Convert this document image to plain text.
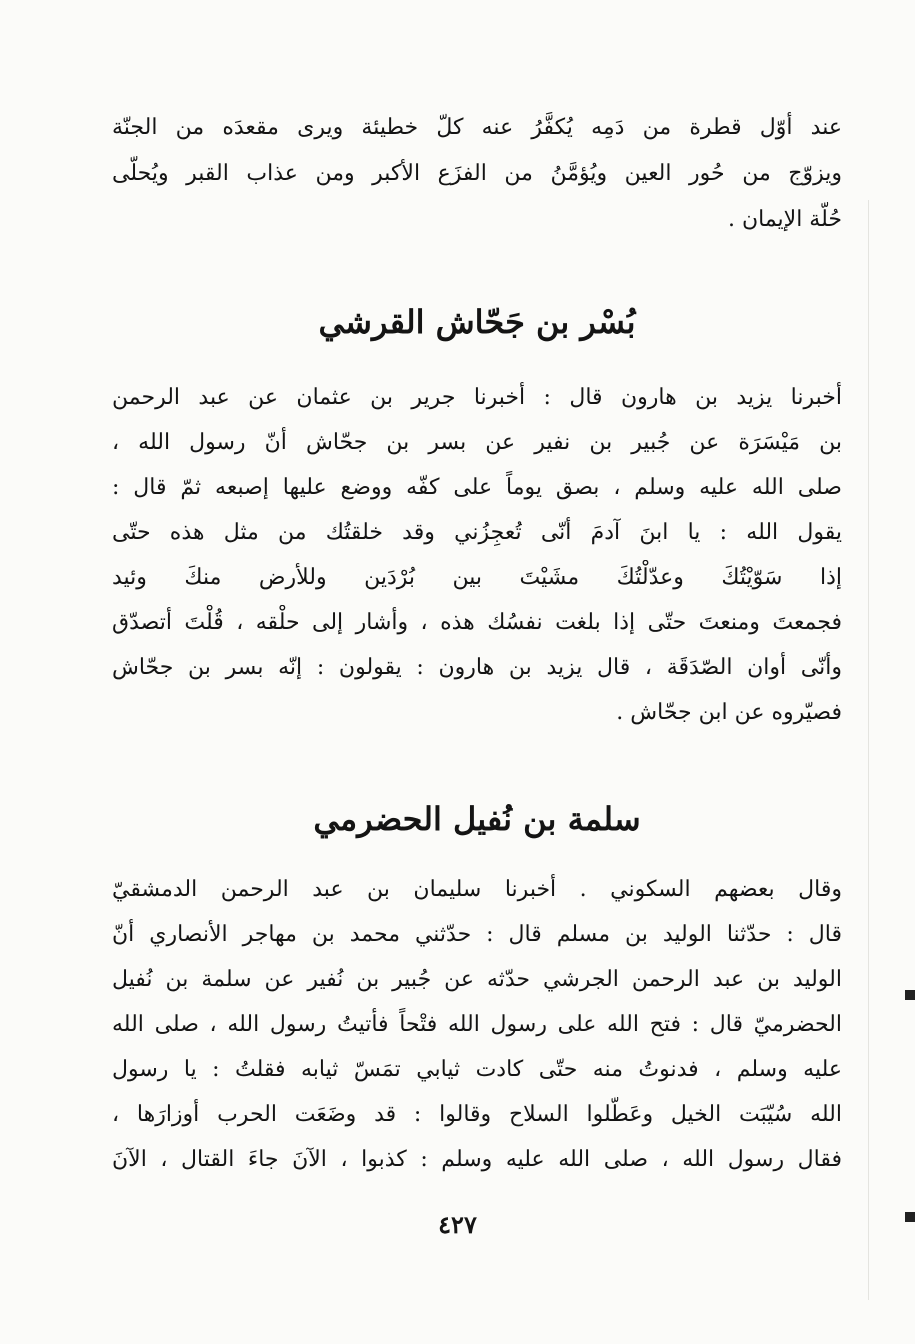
عند أوّل قطرة من دَمِه يُكفَّرُ عنه كلّ خطيئة ويرى مقعدَه من الجنّة
ويزوّج من حُور العين ويُؤمَّنُ من الفزَع الأكبر ومن عذاب القبر ويُحلّى
حُلّة الإيمان .
بُسْر بن جَحّاش القرشي
أخبرنا يزيد بن هارون قال : أخبرنا جرير بن عثمان عن عبد الرحمن
بن مَيْسَرَة عن جُبير بن نفير عن بسر بن جحّاش أنّ رسول الله ،
صلى الله عليه وسلم ، بصق يوماً على كفّه ووضع عليها إصبعه ثمّ قال :
يقول الله : يا ابنَ آدمَ أنّى تُعجِزُني وقد خلقتُك من مثل هذه حتّى
إذا سَوّيْتُكَ وعدّلْتُكَ مشَيْتَ بين بُرْدَين وللأرض منكَ وئيد
فجمعتَ ومنعتَ حتّى إذا بلغت نفسُك هذه ، وأشار إلى حلْقه ، قُلْتَ أتصدّق
وأنّى أوان الصّدَقَة ، قال يزيد بن هارون : يقولون : إنّه بسر بن جحّاش
فصيّروه عن ابن جحّاش .
سلمة بن نُفيل الحضرمي
وقال بعضهم السكوني . أخبرنا سليمان بن عبد الرحمن الدمشقيّ
قال : حدّثنا الوليد بن مسلم قال : حدّثني محمد بن مهاجر الأنصاري أنّ
الوليد بن عبد الرحمن الجرشي حدّثه عن جُبير بن نُفير عن سلمة بن نُفيل
الحضرميّ قال : فتح الله على رسول الله فتْحاً فأتيتُ رسول الله ، صلى الله
عليه وسلم ، فدنوتُ منه حتّى كادت ثيابي تمَسّ ثيابه فقلتُ : يا رسول
الله سُيّبَت الخيل وعَطّلوا السلاح وقالوا : قد وضَعَت الحرب أوزارَها ،
فقال رسول الله ، صلى الله عليه وسلم : كذبوا ، الآنَ جاءَ القتال ، الآنَ
٤٢٧
